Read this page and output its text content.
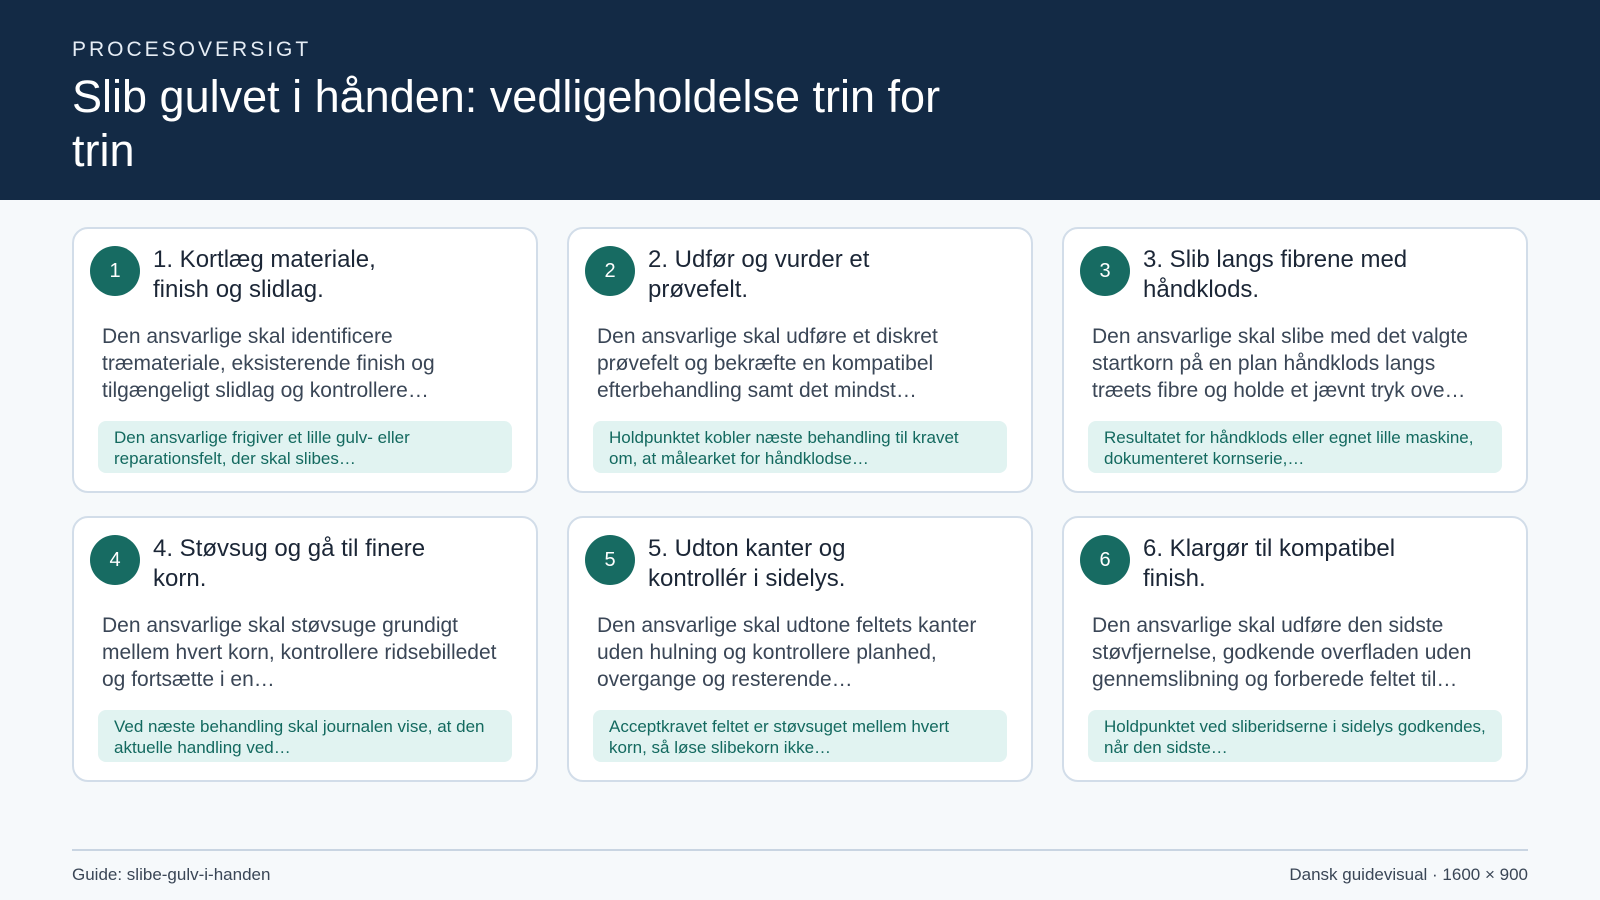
PROCESOVERSIGT
Slib gulvet i hånden: vedligeholdelse trin for trin
1	1. Kortlæg materiale, finish og slidlag.
Den ansvarlige skal identificere træmateriale, eksisterende finish og tilgængeligt slidlag og kontrollere…
Den ansvarlige frigiver et lille gulv- eller reparationsfelt, der skal slibes…
2	2. Udfør og vurder et prøvefelt.
Den ansvarlige skal udføre et diskret prøvefelt og bekræfte en kompatibel efterbehandling samt det mindst…
Holdpunktet kobler næste behandling til kravet om, at målearket for håndklodse…
3	3. Slib langs fibrene med håndklods.
Den ansvarlige skal slibe med det valgte startkorn på en plan håndklods langs træets fibre og holde et jævnt tryk ove…
Resultatet for håndklods eller egnet lille maskine, dokumenteret kornserie,…
4	4. Støvsug og gå til finere korn.
Den ansvarlige skal støvsuge grundigt mellem hvert korn, kontrollere ridsebilledet og fortsætte i en…
Ved næste behandling skal journalen vise, at den aktuelle handling ved…
5	5. Udton kanter og kontrollér i sidelys.
Den ansvarlige skal udtone feltets kanter uden hulning og kontrollere planhed, overgange og resterende…
Acceptkravet feltet er støvsuget mellem hvert korn, så løse slibekorn ikke…
6	6. Klargør til kompatibel finish.
Den ansvarlige skal udføre den sidste støvfjernelse, godkende overfladen uden gennemslibning og forberede feltet til…
Holdpunktet ved sliberidserne i sidelys godkendes, når den sidste…
Guide: slibe-gulv-i-handen	Dansk guidevisual · 1600 × 900
